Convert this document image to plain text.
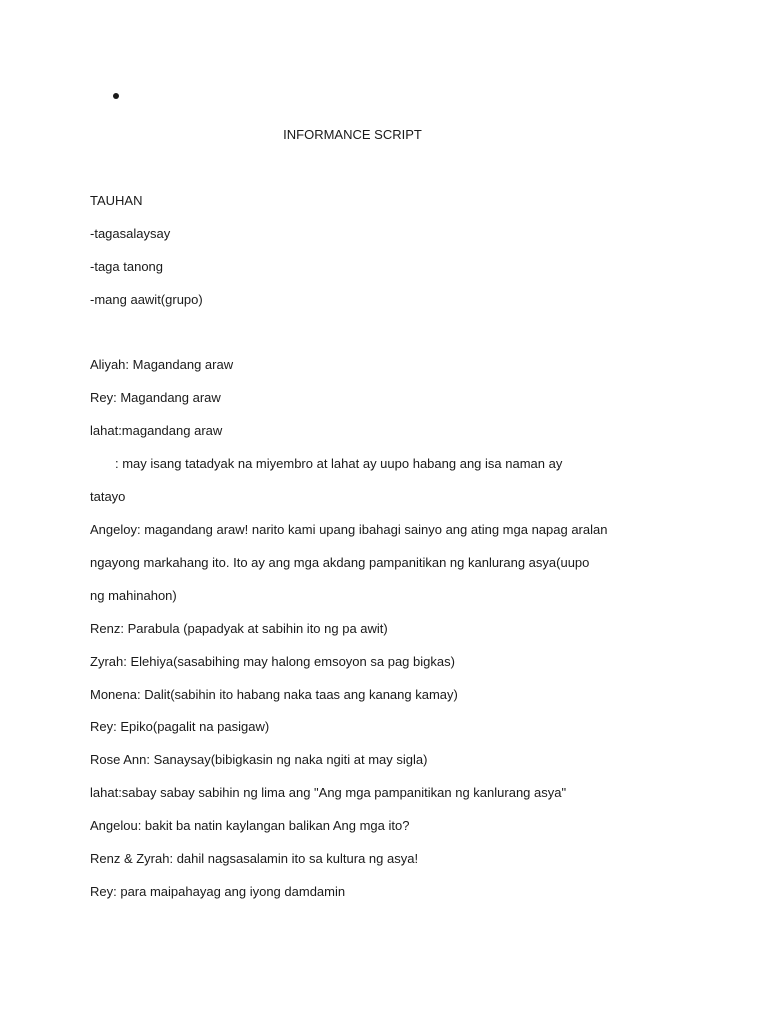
INFORMANCE SCRIPT
TAUHAN
-tagasalaysay
-taga tanong
-mang aawit(grupo)
Aliyah: Magandang araw
Rey: Magandang araw
lahat:magandang araw
: may isang tatadyak na miyembro at lahat ay uupo habang ang isa naman ay
tatayo
Angeloy: magandang araw! narito kami upang ibahagi sainyo ang ating mga napag aralan
ngayong markahang ito. Ito ay ang mga akdang pampanitikan ng kanlurang asya(uupo
ng mahinahon)
Renz: Parabula (papadyak at sabihin ito ng pa awit)
Zyrah: Elehiya(sasabihing may halong emsoyon sa pag bigkas)
Monena: Dalit(sabihin ito habang naka taas ang kanang kamay)
Rey: Epiko(pagalit na pasigaw)
Rose Ann: Sanaysay(bibigkasin ng naka ngiti at may sigla)
lahat:sabay sabay sabihin ng lima ang "Ang mga pampanitikan ng kanlurang asya"
Angelou: bakit ba natin kaylangan balikan Ang mga ito?
Renz & Zyrah: dahil nagsasalamin ito sa kultura ng asya!
Rey: para maipahayag ang iyong damdamin
